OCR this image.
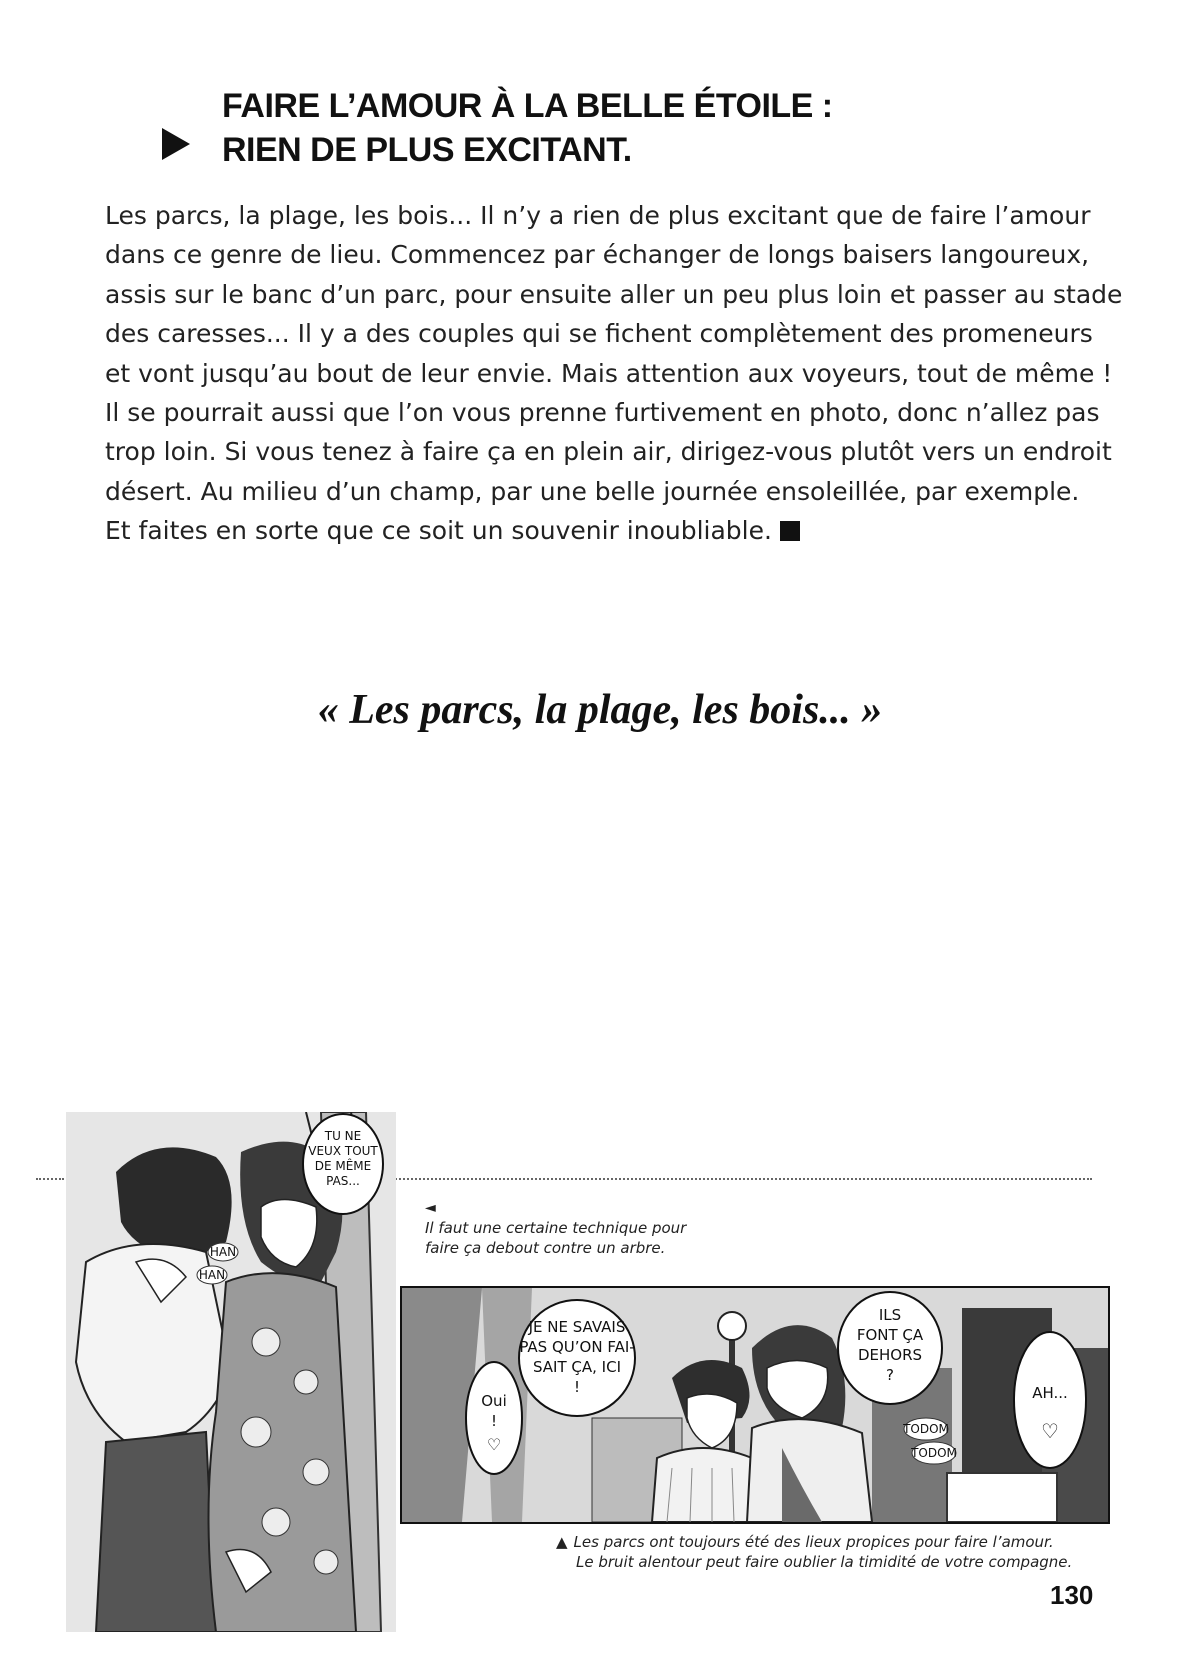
FAIRE L’AMOUR À LA BELLE ÉTOILE :
RIEN DE PLUS EXCITANT.
Les parcs, la plage, les bois... Il n’y a rien de plus excitant que de faire l’amour
dans ce genre de lieu. Commencez par échanger de longs baisers langoureux,
assis sur le banc d’un parc, pour ensuite aller un peu plus loin et passer au stade
des caresses... Il y a des couples qui se fichent complètement des promeneurs
et vont jusqu’au bout de leur envie. Mais attention aux voyeurs, tout de même !
Il se pourrait aussi que l’on vous prenne furtivement en photo, donc n’allez pas
trop loin. Si vous tenez à faire ça en plein air, dirigez-vous plutôt vers un endroit
désert. Au milieu d’un champ, par une belle journée ensoleillée, par exemple.
Et faites en sorte que ce soit un souvenir inoubliable.
« Les parcs, la plage, les bois... »
TU NE
VEUX TOUT
DE MÊME
PAS...
HAN
HAN
◄
Il faut une certaine technique pour
faire ça debout contre un arbre.
JE NE SAVAIS
PAS QU’ON FAI-
SAIT ÇA, ICI
!
Oui
!
♡
ILS
FONT ÇA
DEHORS
?
AH...
♡
TODOM
TODOM
▲ Les parcs ont toujours été des lieux propices pour faire l’amour.
Le bruit alentour peut faire oublier la timidité de votre compagne.
130
